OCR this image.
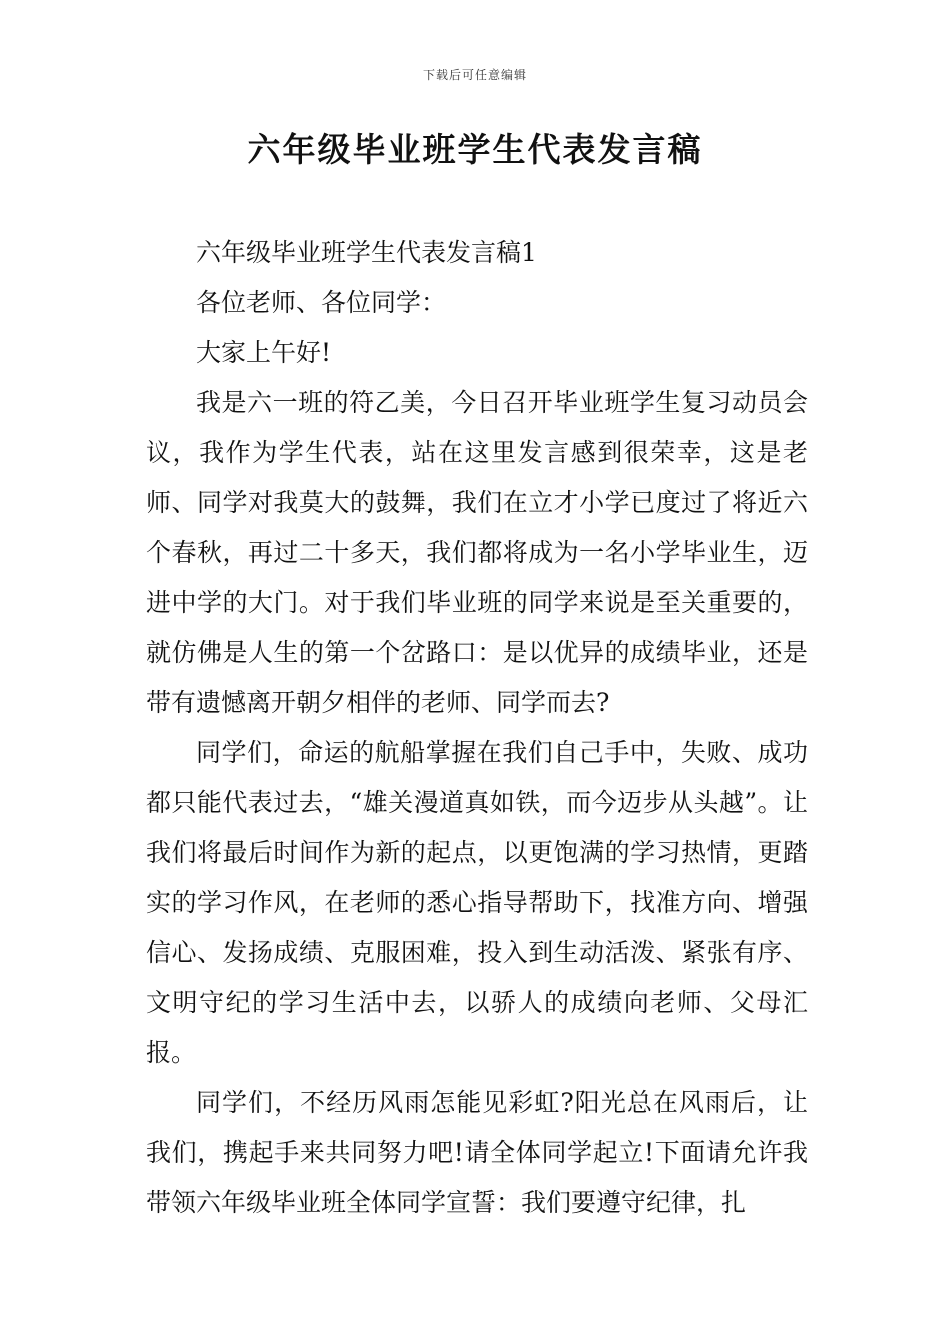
下载后可任意编辑
六年级毕业班学生代表发言稿

六年级毕业班学生代表发言稿1

各位老师、各位同学：

大家上午好!

我是六一班的符乙美，今日召开毕业班学生复习动员会议，我作为学生代表，站在这里发言感到很荣幸，这是老师、同学对我莫大的鼓舞，我们在立才小学已度过了将近六个春秋，再过二十多天，我们都将成为一名小学毕业生，迈进中学的大门。对于我们毕业班的同学来说是至关重要的，就仿佛是人生的第一个岔路口：是以优异的成绩毕业，还是带有遗憾离开朝夕相伴的老师、同学而去?

同学们，命运的航船掌握在我们自己手中，失败、成功都只能代表过去，“雄关漫道真如铁，而今迈步从头越”。让我们将最后时间作为新的起点，以更饱满的学习热情，更踏实的学习作风，在老师的悉心指导帮助下，找准方向、增强信心、发扬成绩、克服困难，投入到生动活泼、紧张有序、文明守纪的学习生活中去，以骄人的成绩向老师、父母汇报。

同学们，不经历风雨怎能见彩虹?阳光总在风雨后，让我们，携起手来共同努力吧!请全体同学起立!下面请允许我带领六年级毕业班全体同学宣誓：我们要遵守纪律，扎
